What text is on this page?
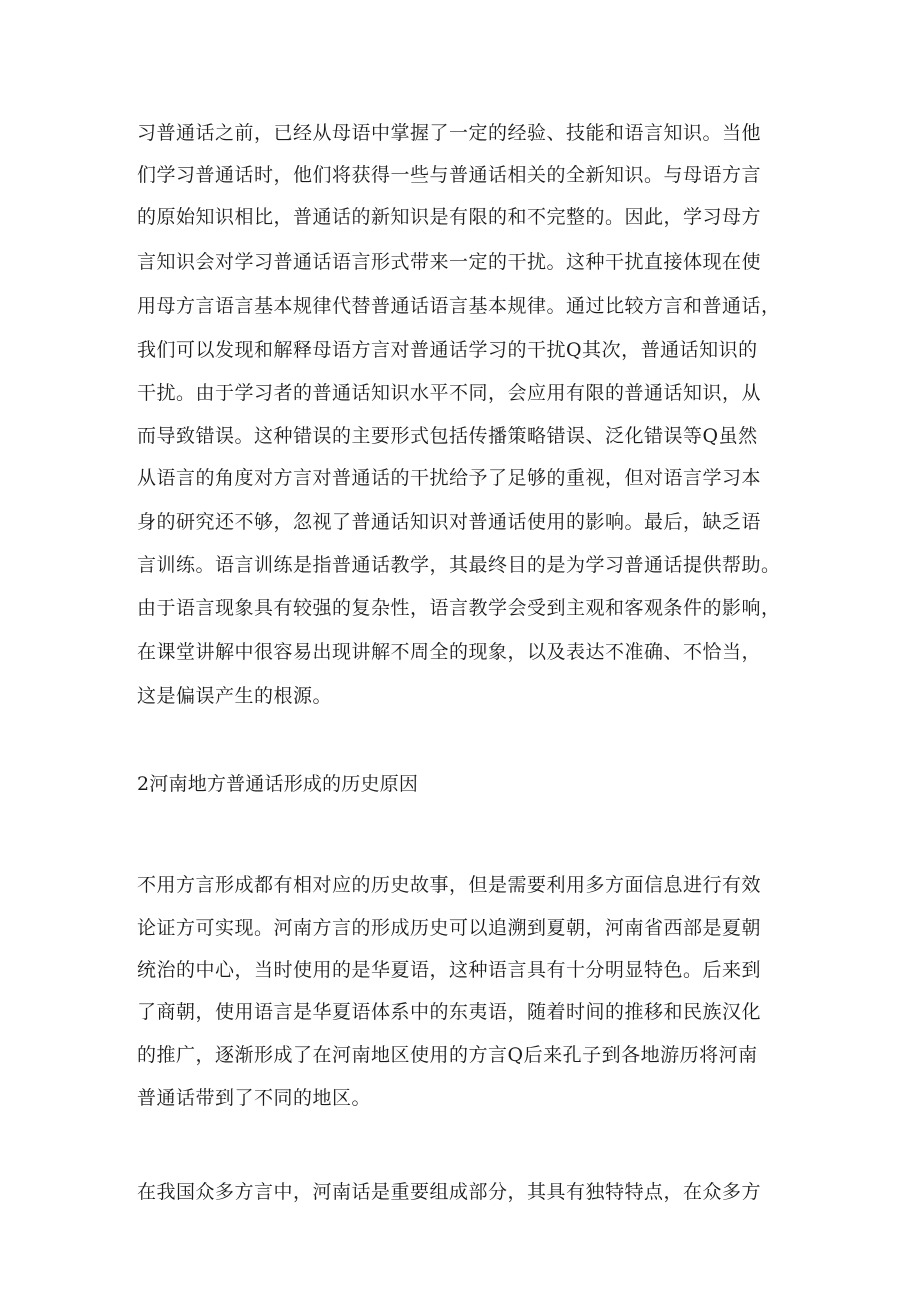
习普通话之前，已经从母语中掌握了一定的经验、技能和语言知识。当他

们学习普通话时，他们将获得一些与普通话相关的全新知识。与母语方言

的原始知识相比，普通话的新知识是有限的和不完整的。因此，学习母方

言知识会对学习普通话语言形式带来一定的干扰。这种干扰直接体现在使

用母方言语言基本规律代替普通话语言基本规律。通过比较方言和普通话，

我们可以发现和解释母语方言对普通话学习的干扰Q其次，普通话知识的

干扰。由于学习者的普通话知识水平不同，会应用有限的普通话知识，从

而导致错误。这种错误的主要形式包括传播策略错误、泛化错误等Q虽然

从语言的角度对方言对普通话的干扰给予了足够的重视，但对语言学习本

身的研究还不够，忽视了普通话知识对普通话使用的影响。最后，缺乏语

言训练。语言训练是指普通话教学，其最终目的是为学习普通话提供帮助。

由于语言现象具有较强的复杂性，语言教学会受到主观和客观条件的影响，

在课堂讲解中很容易出现讲解不周全的现象，以及表达不准确、不恰当，

这是偏误产生的根源。

2河南地方普通话形成的历史原因

不用方言形成都有相对应的历史故事，但是需要利用多方面信息进行有效

论证方可实现。河南方言的形成历史可以追溯到夏朝，河南省西部是夏朝

统治的中心，当时使用的是华夏语，这种语言具有十分明显特色。后来到

了商朝，使用语言是华夏语体系中的东夷语，随着时间的推移和民族汉化

的推广，逐渐形成了在河南地区使用的方言Q后来孔子到各地游历将河南

普通话带到了不同的地区。

在我国众多方言中，河南话是重要组成部分，其具有独特特点，在众多方
